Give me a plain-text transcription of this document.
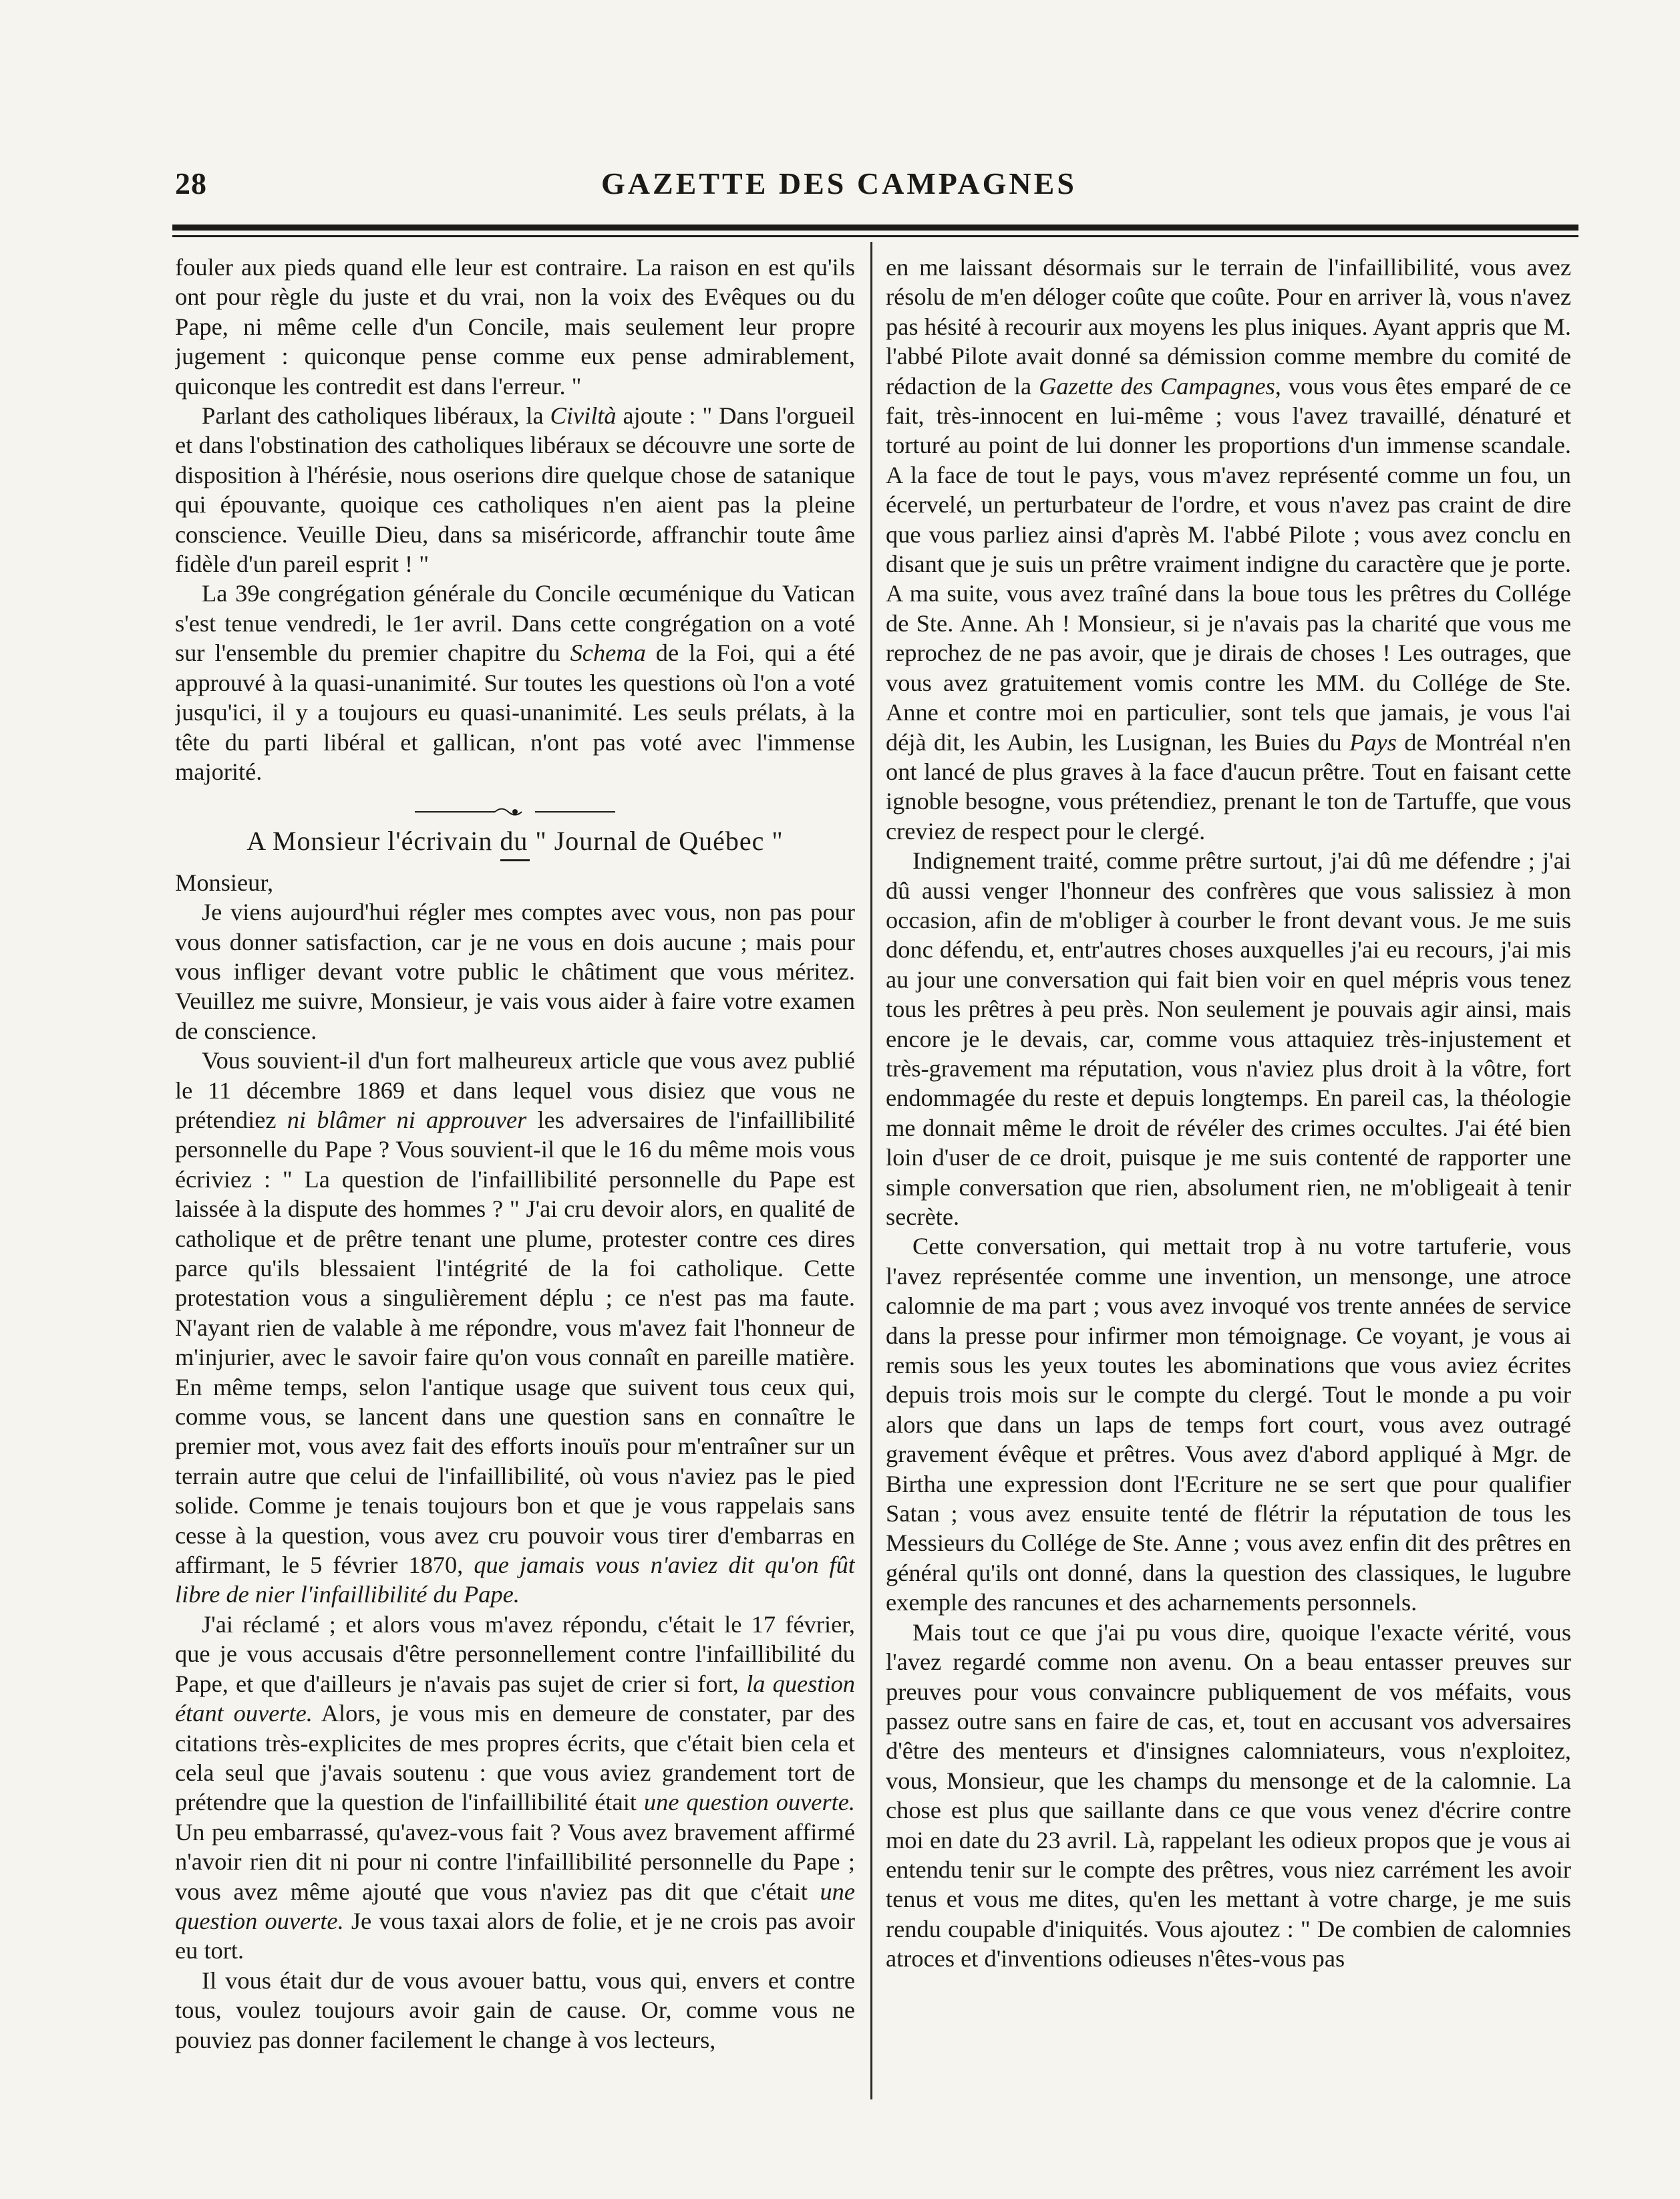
28	GAZETTE DES CAMPAGNES

fouler aux pieds quand elle leur est contraire. La raison en est qu'ils ont pour règle du juste et du vrai, non la voix des Evêques ou du Pape, ni même celle d'un Concile, mais seulement leur propre jugement : quiconque pense comme eux pense admirablement, quiconque les contredit est dans l'erreur. "

Parlant des catholiques libéraux, la Civiltà ajoute : " Dans l'orgueil et dans l'obstination des catholiques libéraux se découvre une sorte de disposition à l'hérésie, nous oserions dire quelque chose de satanique qui épouvante, quoique ces catholiques n'en aient pas la pleine conscience. Veuille Dieu, dans sa miséricorde, affranchir toute âme fidèle d'un pareil esprit ! "

La 39e congrégation générale du Concile œcuménique du Vatican s'est tenue vendredi, le 1er avril. Dans cette congrégation on a voté sur l'ensemble du premier chapitre du Schema de la Foi, qui a été approuvé à la quasi-unanimité. Sur toutes les questions où l'on a voté jusqu'ici, il y a toujours eu quasi-unanimité. Les seuls prélats, à la tête du parti libéral et gallican, n'ont pas voté avec l'immense majorité.

A Monsieur l'écrivain du " Journal de Québec "

Monsieur,

Je viens aujourd'hui régler mes comptes avec vous, non pas pour vous donner satisfaction, car je ne vous en dois aucune ; mais pour vous infliger devant votre public le châtiment que vous méritez. Veuillez me suivre, Monsieur, je vais vous aider à faire votre examen de conscience.

Vous souvient-il d'un fort malheureux article que vous avez publié le 11 décembre 1869 et dans lequel vous disiez que vous ne prétendiez ni blâmer ni approuver les adversaires de l'infaillibilité personnelle du Pape ? Vous souvient-il que le 16 du même mois vous écriviez : " La question de l'infaillibilité personnelle du Pape est laissée à la dispute des hommes ? " J'ai cru devoir alors, en qualité de catholique et de prêtre tenant une plume, protester contre ces dires parce qu'ils blessaient l'intégrité de la foi catholique. Cette protestation vous a singulièrement déplu ; ce n'est pas ma faute. N'ayant rien de valable à me répondre, vous m'avez fait l'honneur de m'injurier, avec le savoir faire qu'on vous connaît en pareille matière. En même temps, selon l'antique usage que suivent tous ceux qui, comme vous, se lancent dans une question sans en connaître le premier mot, vous avez fait des efforts inouïs pour m'entraîner sur un terrain autre que celui de l'infaillibilité, où vous n'aviez pas le pied solide. Comme je tenais toujours bon et que je vous rappelais sans cesse à la question, vous avez cru pouvoir vous tirer d'embarras en affirmant, le 5 février 1870, que jamais vous n'aviez dit qu'on fût libre de nier l'infaillibilité du Pape.

J'ai réclamé ; et alors vous m'avez répondu, c'était le 17 février, que je vous accusais d'être personnellement contre l'infaillibilité du Pape, et que d'ailleurs je n'avais pas sujet de crier si fort, la question étant ouverte. Alors, je vous mis en demeure de constater, par des citations très-explicites de mes propres écrits, que c'était bien cela et cela seul que j'avais soutenu : que vous aviez grandement tort de prétendre que la question de l'infaillibilité était une question ouverte. Un peu embarrassé, qu'avez-vous fait ? Vous avez bravement affirmé n'avoir rien dit ni pour ni contre l'infaillibilité personnelle du Pape ; vous avez même ajouté que vous n'aviez pas dit que c'était une question ouverte. Je vous taxai alors de folie, et je ne crois pas avoir eu tort.

Il vous était dur de vous avouer battu, vous qui, envers et contre tous, voulez toujours avoir gain de cause. Or, comme vous ne pouviez pas donner facilement le change à vos lecteurs,

en me laissant désormais sur le terrain de l'infaillibilité, vous avez résolu de m'en déloger coûte que coûte. Pour en arriver là, vous n'avez pas hésité à recourir aux moyens les plus iniques. Ayant appris que M. l'abbé Pilote avait donné sa démission comme membre du comité de rédaction de la Gazette des Campagnes, vous vous êtes emparé de ce fait, très-innocent en lui-même ; vous l'avez travaillé, dénaturé et torturé au point de lui donner les proportions d'un immense scandale. A la face de tout le pays, vous m'avez représenté comme un fou, un écervelé, un perturbateur de l'ordre, et vous n'avez pas craint de dire que vous parliez ainsi d'après M. l'abbé Pilote ; vous avez conclu en disant que je suis un prêtre vraiment indigne du caractère que je porte. A ma suite, vous avez traîné dans la boue tous les prêtres du Collége de Ste. Anne. Ah ! Monsieur, si je n'avais pas la charité que vous me reprochez de ne pas avoir, que je dirais de choses ! Les outrages, que vous avez gratuitement vomis contre les MM. du Collége de Ste. Anne et contre moi en particulier, sont tels que jamais, je vous l'ai déjà dit, les Aubin, les Lusignan, les Buies du Pays de Montréal n'en ont lancé de plus graves à la face d'aucun prêtre. Tout en faisant cette ignoble besogne, vous prétendiez, prenant le ton de Tartuffe, que vous creviez de respect pour le clergé.

Indignement traité, comme prêtre surtout, j'ai dû me défendre ; j'ai dû aussi venger l'honneur des confrères que vous salissiez à mon occasion, afin de m'obliger à courber le front devant vous. Je me suis donc défendu, et, entr'autres choses auxquelles j'ai eu recours, j'ai mis au jour une conversation qui fait bien voir en quel mépris vous tenez tous les prêtres à peu près. Non seulement je pouvais agir ainsi, mais encore je le devais, car, comme vous attaquiez très-injustement et très-gravement ma réputation, vous n'aviez plus droit à la vôtre, fort endommagée du reste et depuis longtemps. En pareil cas, la théologie me donnait même le droit de révéler des crimes occultes. J'ai été bien loin d'user de ce droit, puisque je me suis contenté de rapporter une simple conversation que rien, absolument rien, ne m'obligeait à tenir secrète.

Cette conversation, qui mettait trop à nu votre tartuferie, vous l'avez représentée comme une invention, un mensonge, une atroce calomnie de ma part ; vous avez invoqué vos trente années de service dans la presse pour infirmer mon témoignage. Ce voyant, je vous ai remis sous les yeux toutes les abominations que vous aviez écrites depuis trois mois sur le compte du clergé. Tout le monde a pu voir alors que dans un laps de temps fort court, vous avez outragé gravement évêque et prêtres. Vous avez d'abord appliqué à Mgr. de Birtha une expression dont l'Ecriture ne se sert que pour qualifier Satan ; vous avez ensuite tenté de flétrir la réputation de tous les Messieurs du Collége de Ste. Anne ; vous avez enfin dit des prêtres en général qu'ils ont donné, dans la question des classiques, le lugubre exemple des rancunes et des acharnements personnels.

Mais tout ce que j'ai pu vous dire, quoique l'exacte vérité, vous l'avez regardé comme non avenu. On a beau entasser preuves sur preuves pour vous convaincre publiquement de vos méfaits, vous passez outre sans en faire de cas, et, tout en accusant vos adversaires d'être des menteurs et d'insignes calomniateurs, vous n'exploitez, vous, Monsieur, que les champs du mensonge et de la calomnie. La chose est plus que saillante dans ce que vous venez d'écrire contre moi en date du 23 avril. Là, rappelant les odieux propos que je vous ai entendu tenir sur le compte des prêtres, vous niez carrément les avoir tenus et vous me dites, qu'en les mettant à votre charge, je me suis rendu coupable d'iniquités. Vous ajoutez : " De combien de calomnies atroces et d'inventions odieuses n'êtes-vous pas
